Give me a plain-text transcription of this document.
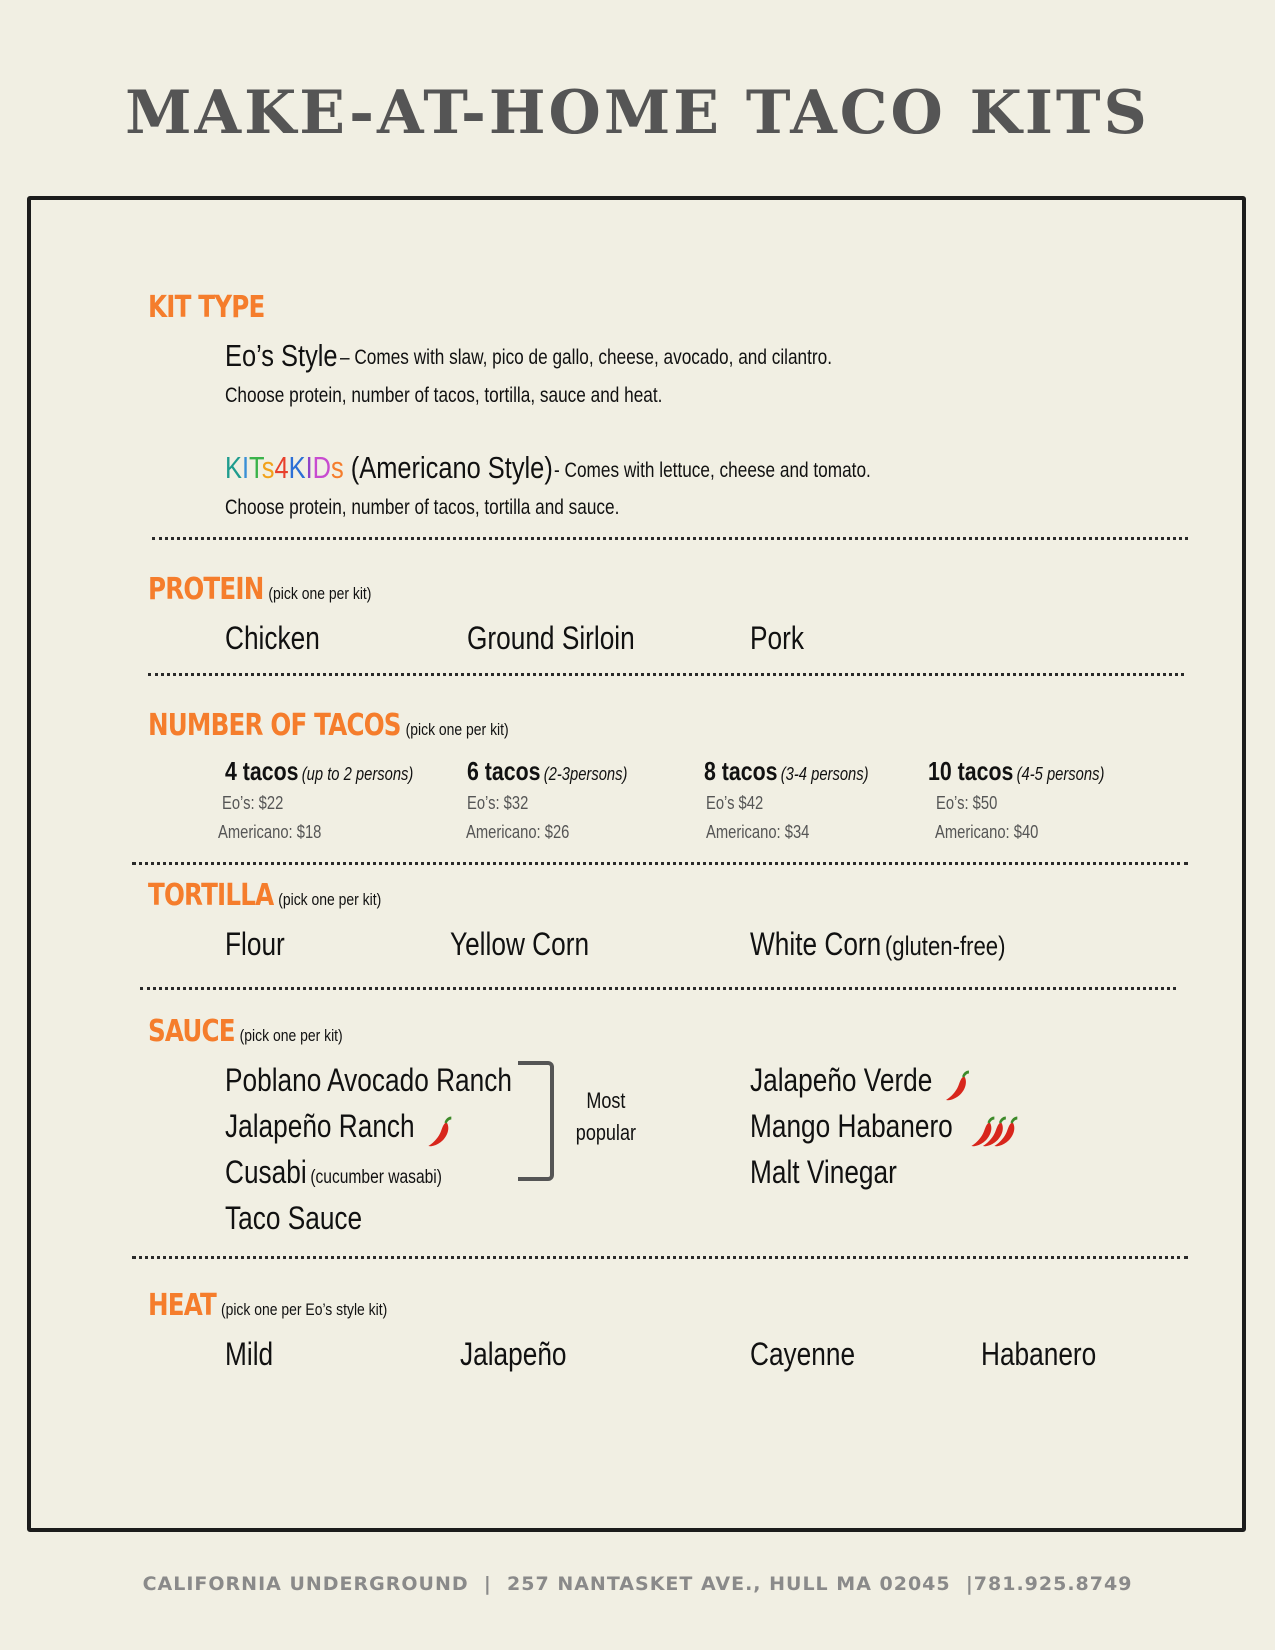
MAKE-AT-HOME TACO KITS
KIT TYPE
Eo’s Style – Comes with slaw, pico de gallo, cheese, avocado, and cilantro.
Choose protein, number of tacos, tortilla, sauce and heat.
KITs4KIDs (Americano Style) - Comes with lettuce, cheese and tomato.
Choose protein, number of tacos, tortilla and sauce.
PROTEIN (pick one per kit)
Chicken	Ground Sirloin	Pork
NUMBER OF TACOS (pick one per kit)
4 tacos (up to 2 persons)
Eo’s: $22
Americano: $18
6 tacos (2-3persons)
Eo’s: $32
Americano: $26
8 tacos (3-4 persons)
Eo’s $42
Americano: $34
10 tacos (4-5 persons)
Eo’s: $50
Americano: $40
TORTILLA (pick one per kit)
Flour	Yellow Corn	White Corn (gluten-free)
SAUCE (pick one per kit)
Poblano Avocado Ranch
Jalapeño Ranch
Cusabi (cucumber wasabi)
Taco Sauce
Most
popular
Jalapeño Verde
Mango Habanero
Malt Vinegar
HEAT (pick one per Eo’s style kit)
Mild	Jalapeño	Cayenne	Habanero
CALIFORNIA UNDERGROUND  |  257 NANTASKET AVE., HULL MA 02045  |781.925.8749
